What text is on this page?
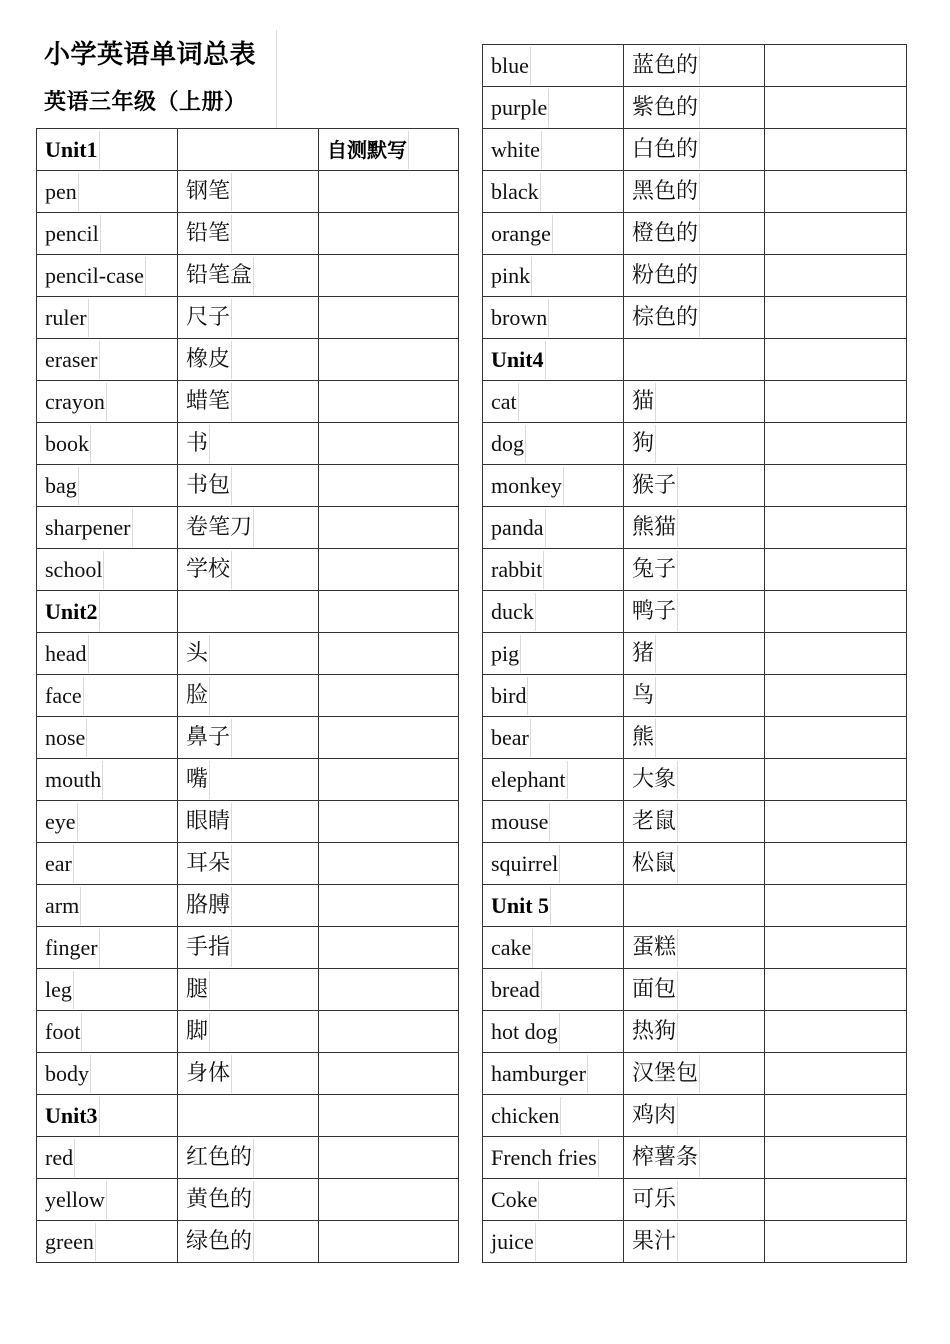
小学英语单词总表
英语三年级（上册）
Unit1		自测默写
pen	钢笔	
pencil	铅笔	
pencil-case	铅笔盒	
ruler	尺子	
eraser	橡皮	
crayon	蜡笔	
book	书	
bag	书包	
sharpener	卷笔刀	
school	学校	
Unit2		
head	头	
face	脸	
nose	鼻子	
mouth	嘴	
eye	眼睛	
ear	耳朵	
arm	胳膊	
finger	手指	
leg	腿	
foot	脚	
body	身体	
Unit3		
red	红色的	
yellow	黄色的	
green	绿色的	
blue	蓝色的	
purple	紫色的	
white	白色的	
black	黑色的	
orange	橙色的	
pink	粉色的	
brown	棕色的	
Unit4		
cat	猫	
dog	狗	
monkey	猴子	
panda	熊猫	
rabbit	兔子	
duck	鸭子	
pig	猪	
bird	鸟	
bear	熊	
elephant	大象	
mouse	老鼠	
squirrel	松鼠	
Unit 5		
cake	蛋糕	
bread	面包	
hot dog	热狗	
hamburger	汉堡包	
chicken	鸡肉	
French fries	榨薯条	
Coke	可乐	
juice	果汁	
